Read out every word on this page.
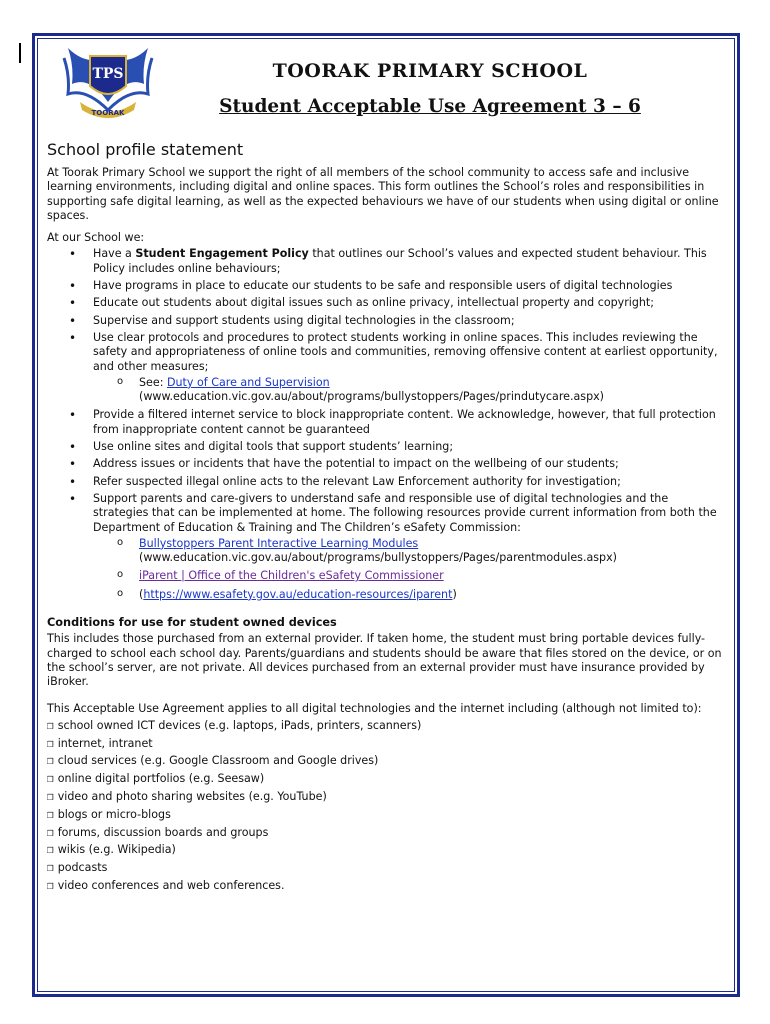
TPS
TOORAK
TOORAK PRIMARY SCHOOL
Student Acceptable Use Agreement 3 – 6
School profile statement

At Toorak Primary School we support the right of all members of the school community to access safe and inclusive learning environments, including digital and online spaces. This form outlines the School’s roles and responsibilities in supporting safe digital learning, as well as the expected behaviours we have of our students when using digital or online spaces.

At our School we:

• Have a Student Engagement Policy that outlines our School’s values and expected student behaviour. This Policy includes online behaviours;
• Have programs in place to educate our students to be safe and responsible users of digital technologies
• Educate out students about digital issues such as online privacy, intellectual property and copyright;
• Supervise and support students using digital technologies in the classroom;
• Use clear protocols and procedures to protect students working in online spaces. This includes reviewing the safety and appropriateness of online tools and communities, removing offensive content at earliest opportunity, and other measures;
o See: Duty of Care and Supervision
(www.education.vic.gov.au/about/programs/bullystoppers/Pages/prindutycare.aspx)
• Provide a filtered internet service to block inappropriate content. We acknowledge, however, that full protection from inappropriate content cannot be guaranteed
• Use online sites and digital tools that support students’ learning;
• Address issues or incidents that have the potential to impact on the wellbeing of our students;
• Refer suspected illegal online acts to the relevant Law Enforcement authority for investigation;
• Support parents and care-givers to understand safe and responsible use of digital technologies and the strategies that can be implemented at home. The following resources provide current information from both the Department of Education & Training and The Children’s eSafety Commission:
o Bullystoppers Parent Interactive Learning Modules
(www.education.vic.gov.au/about/programs/bullystoppers/Pages/parentmodules.aspx)
o iParent | Office of the Children's eSafety Commissioner
o (https://www.esafety.gov.au/education-resources/iparent)
Conditions for use for student owned devices

This includes those purchased from an external provider. If taken home, the student must bring portable devices fully-charged to school each school day. Parents/guardians and students should be aware that files stored on the device, or on the school’s server, are not private. All devices purchased from an external provider must have insurance provided by iBroker.

This Acceptable Use Agreement applies to all digital technologies and the internet including (although not limited to):

❒ school owned ICT devices (e.g. laptops, iPads, printers, scanners)
❒ internet, intranet
❒ cloud services (e.g. Google Classroom and Google drives)
❒ online digital portfolios (e.g. Seesaw)
❒ video and photo sharing websites (e.g. YouTube)
❒ blogs or micro-blogs
❒ forums, discussion boards and groups
❒ wikis (e.g. Wikipedia)
❒ podcasts
❒ video conferences and web conferences.
